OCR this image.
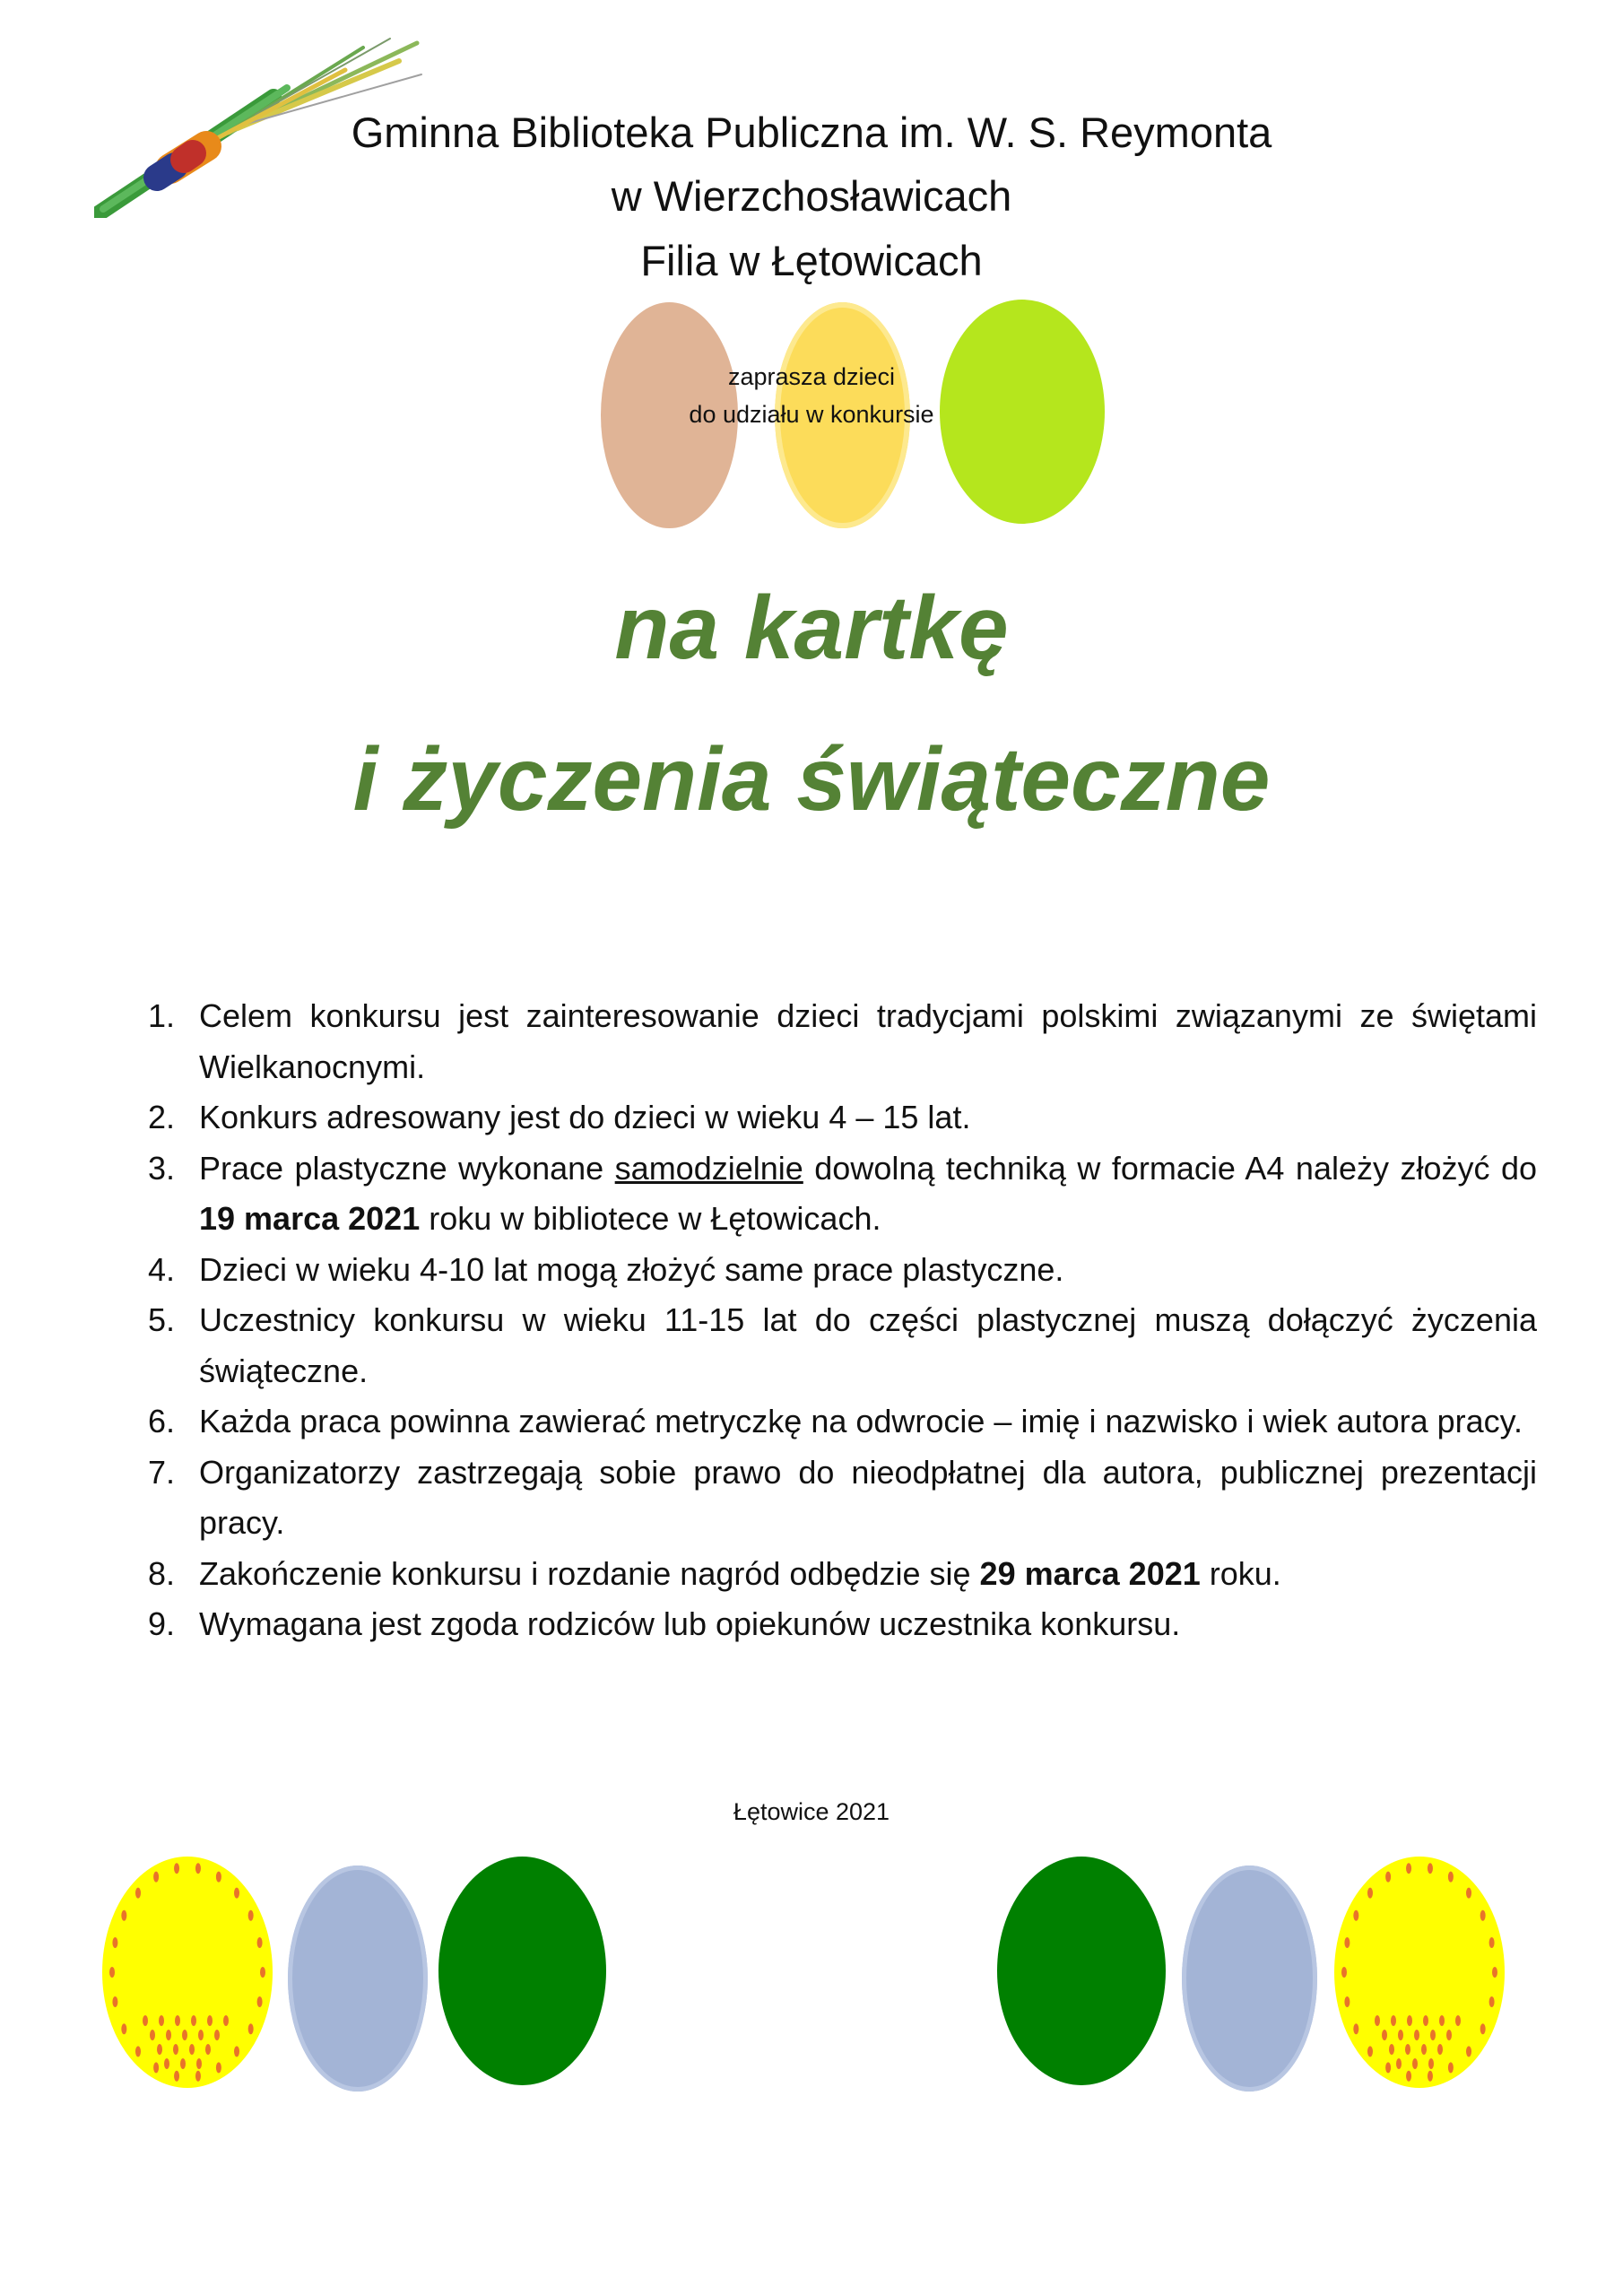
Gminna Biblioteka Publiczna im. W. S. Reymonta
w Wierzchosławicach
Filia w Łętowicach
zaprasza dzieci
do udziału w konkursie
na kartkę
i życzenia świąteczne
1. Celem konkursu jest zainteresowanie dzieci tradycjami polskimi związanymi ze świętami Wielkanocnymi.
2. Konkurs adresowany jest do dzieci w wieku 4 – 15 lat.
3. Prace plastyczne wykonane samodzielnie dowolną techniką w formacie A4 należy złożyć do 19 marca 2021 roku w bibliotece w Łętowicach.
4. Dzieci w wieku 4-10 lat mogą złożyć same prace plastyczne.
5. Uczestnicy konkursu w wieku 11-15 lat do części plastycznej muszą dołączyć życzenia świąteczne.
6. Każda praca powinna zawierać metryczkę na odwrocie – imię i nazwisko i wiek autora pracy.
7. Organizatorzy zastrzegają sobie prawo do nieodpłatnej dla autora, publicznej prezentacji pracy.
8. Zakończenie konkursu i rozdanie nagród odbędzie się 29 marca 2021 roku.
9. Wymagana jest zgoda rodziców lub opiekunów uczestnika konkursu.
Łętowice 2021
